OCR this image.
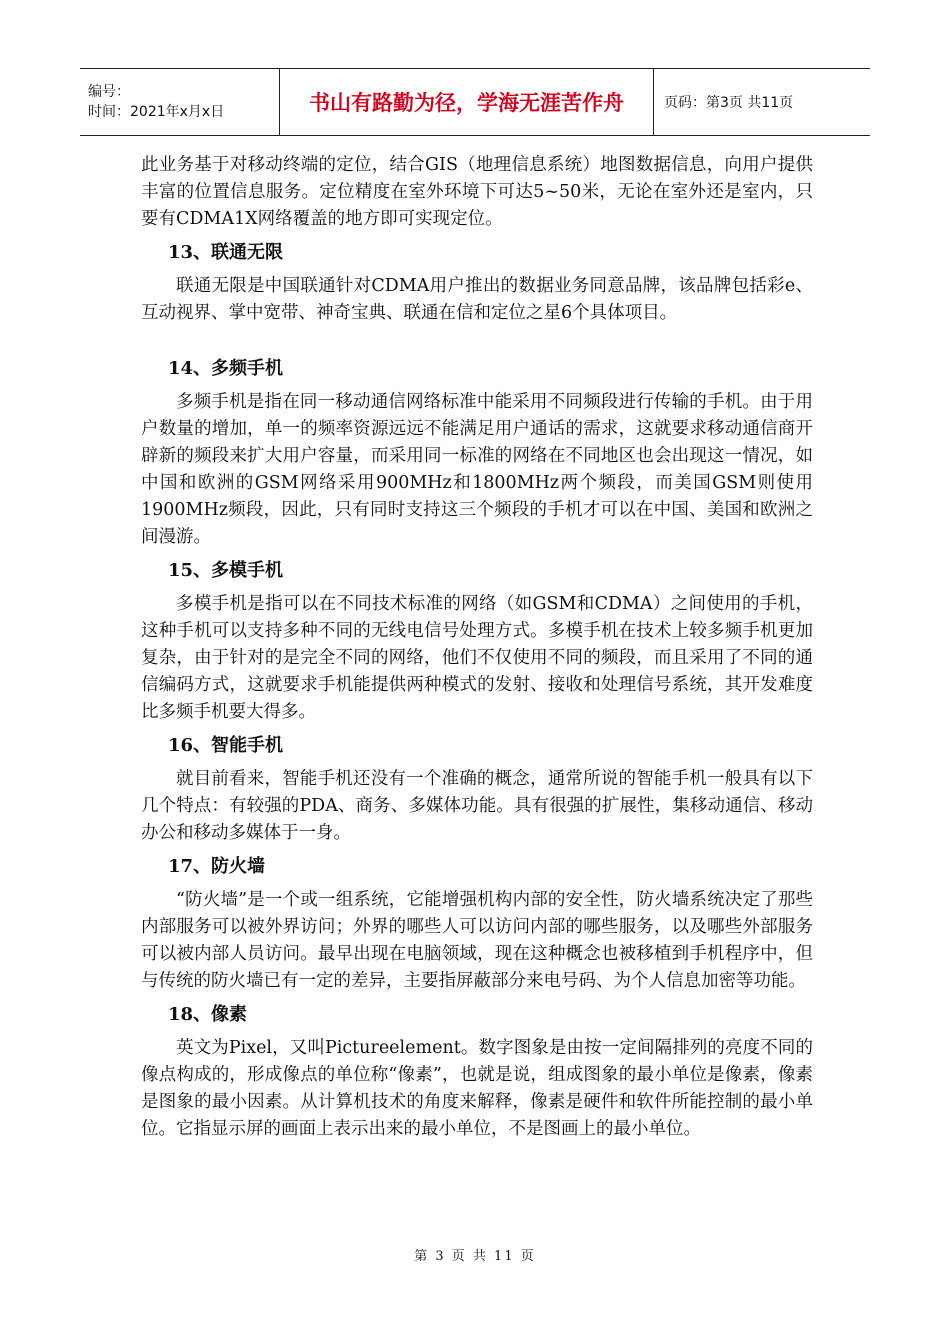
编号：
时间：2021年x月x日	书山有路勤为径，学海无涯苦作舟	页码：第3页 共11页

此业务基于对移动终端的定位，结合GIS（地理信息系统）地图数据信息，向用户提供丰富的位置信息服务。定位精度在室外环境下可达5~50米，无论在室外还是室内，只要有CDMA1X网络覆盖的地方即可实现定位。

13、联通无限

联通无限是中国联通针对CDMA用户推出的数据业务同意品牌，该品牌包括彩e、互动视界、掌中宽带、神奇宝典、联通在信和定位之星6个具体项目。

14、多频手机

多频手机是指在同一移动通信网络标准中能采用不同频段进行传输的手机。由于用户数量的增加，单一的频率资源远远不能满足用户通话的需求，这就要求移动通信商开辟新的频段来扩大用户容量，而采用同一标准的网络在不同地区也会出现这一情况，如中国和欧洲的GSM网络采用900MHz和1800MHz两个频段，而美国GSM则使用1900MHz频段，因此，只有同时支持这三个频段的手机才可以在中国、美国和欧洲之间漫游。

15、多模手机

多模手机是指可以在不同技术标准的网络（如GSM和CDMA）之间使用的手机，这种手机可以支持多种不同的无线电信号处理方式。多模手机在技术上较多频手机更加复杂，由于针对的是完全不同的网络，他们不仅使用不同的频段，而且采用了不同的通信编码方式，这就要求手机能提供两种模式的发射、接收和处理信号系统，其开发难度比多频手机要大得多。

16、智能手机

就目前看来，智能手机还没有一个准确的概念，通常所说的智能手机一般具有以下几个特点：有较强的PDA、商务、多媒体功能。具有很强的扩展性，集移动通信、移动办公和移动多媒体于一身。

17、防火墙

“防火墙”是一个或一组系统，它能增强机构内部的安全性，防火墙系统决定了那些内部服务可以被外界访问；外界的哪些人可以访问内部的哪些服务，以及哪些外部服务可以被内部人员访问。最早出现在电脑领域，现在这种概念也被移植到手机程序中，但与传统的防火墙已有一定的差异，主要指屏蔽部分来电号码、为个人信息加密等功能。

18、像素

英文为Pixel，又叫Pictureelement。数字图象是由按一定间隔排列的亮度不同的像点构成的，形成像点的单位称“像素”，也就是说，组成图象的最小单位是像素，像素是图象的最小因素。从计算机技术的角度来解释，像素是硬件和软件所能控制的最小单位。它指显示屏的画面上表示出来的最小单位，不是图画上的最小单位。

第 3 页 共 11 页
